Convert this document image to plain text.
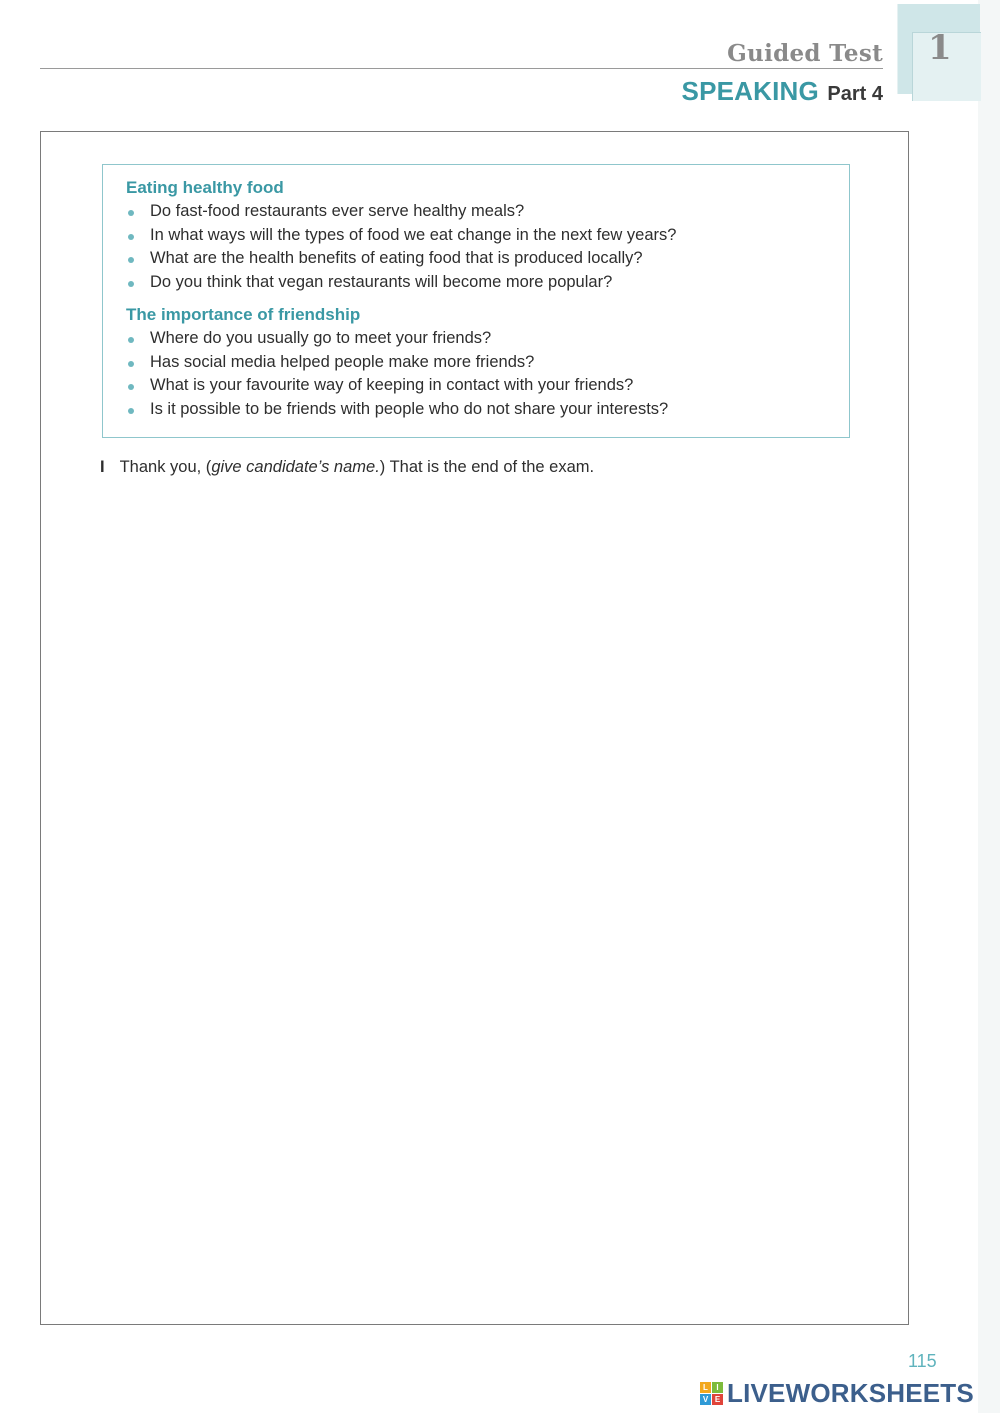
Guided Test 1
SPEAKING Part 4
Eating healthy food
Do fast-food restaurants ever serve healthy meals?
In what ways will the types of food we eat change in the next few years?
What are the health benefits of eating food that is produced locally?
Do you think that vegan restaurants will become more popular?
The importance of friendship
Where do you usually go to meet your friends?
Has social media helped people make more friends?
What is your favourite way of keeping in contact with your friends?
Is it possible to be friends with people who do not share your interests?
I Thank you, (give candidate’s name.) That is the end of the exam.
115
L	I
V E LIVEWORKSHEETS
